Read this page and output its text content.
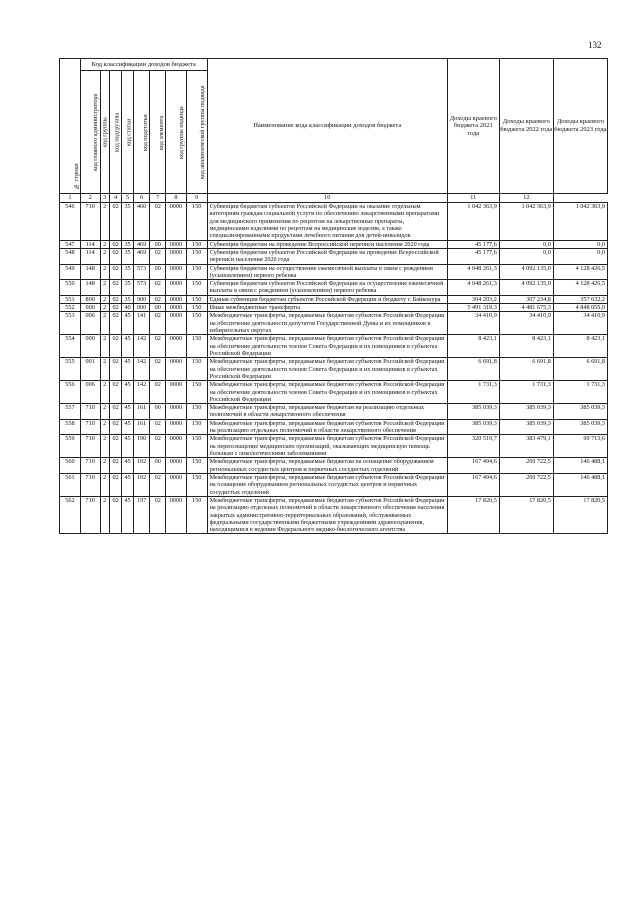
132
№ строки	Код классификации доходов бюджета								Наименование кода классификации доходов бюджета	Доходы краевого бюджета 2021 года	Доходы краевого бюджета 2022 года	Доходы краевого бюджета 2023 года
	код главного администратора	код группы	код подгруппы	код статьи	код подстатьи	код элемента	код группы подвида	код аналитической группы подвида				
1	2	3	4	5	6	7	8	9	10	11	12	
546	710	2	02	35	460	02	0000	150	Субвенции бюджетам субъектов Российской Федерации на оказание отдельным категориям граждан социальной услуги по обеспечению лекарственными препаратами для медицинского применения по рецептам на лекарственные препараты, медицинскими изделиями по рецептам на медицинские изделия, а также специализированными продуктами лечебного питания для детей-инвалидов	1 042 363,9	1 042 363,9	1 042 363,9
547	114	2	02	35	469	00	0000	150	Субвенции бюджетам на проведение Всероссийской переписи населения 2020 года	45 177,6	0,0	0,0
548	114	2	02	35	469	02	0000	150	Субвенции бюджетам субъектов Российской Федерации на проведение Всероссийской переписи населения 2020 года	45 177,6	0,0	0,0
549	148	2	02	35	573	00	0000	150	Субвенции бюджетам на осуществление ежемесячной выплаты в связи с рождением (усыновлением) первого ребенка	4 048 261,3	4 092 135,0	4 128 426,5
550	148	2	02	35	573	02	0000	150	Субвенции бюджетам субъектов Российской Федерации на осуществление ежемесячной выплаты в связи с рождением (усыновлением) первого ребенка	4 048 261,3	4 092 135,0	4 128 426,5
551	800	2	02	35	900	02	0000	150	Единая субвенция бюджетам субъектов Российской Федерации и бюджету г. Байконура	304 203,2	307 234,8	357 632,2
552	000	2	02	40	000	00	0000	150	Иные межбюджетные трансферты	5 491 319,3	4 481 675,3	4 848 055,0
553	006	2	02	45	141	02	0000	150	Межбюджетные трансферты, передаваемые бюджетам субъектов Российской Федерации на обеспечение деятельности депутатов Государственной Думы и их помощников в избирательных округах	34 410,9	34 410,9	34 410,9
554	000	2	02	45	142	02	0000	150	Межбюджетные трансферты, передаваемые бюджетам субъектов Российской Федерации на обеспечение деятельности членов Совета Федерации и их помощников в субъектах Российской Федерации	8 423,1	8 423,1	8 423,1
555	001	2	02	45	142	02	0000	150	Межбюджетные трансферты, передаваемые бюджетам субъектов Российской Федерации на обеспечение деятельности членов Совета Федерации и их помощников в субъектах Российской Федерации	6 691,8	6 691,8	6 691,8
556	006	2	02	45	142	02	0000	150	Межбюджетные трансферты, передаваемые бюджетам субъектов Российской Федерации на обеспечение деятельности членов Совета Федерации и их помощников в субъектах Российской Федерации	1 731,3	1 731,3	1 731,3
557	710	2	02	45	161	00	0000	150	Межбюджетные трансферты, передаваемые бюджетам на реализацию отдельных полномочий в области лекарственного обеспечения	385 039,3	385 039,3	385 039,3
558	710	2	02	45	161	02	0000	150	Межбюджетные трансферты, передаваемые бюджетам субъектов Российской Федерации на реализацию отдельных полномочий в области лекарственного обеспечения	385 039,3	385 039,3	385 039,3
559	710	2	02	45	190	02	0000	150	Межбюджетные трансферты, передаваемые бюджетам субъектов Российской Федерации на переоснащение медицинских организаций, оказывающих медицинскую помощь больным с онкологическими заболеваниями	320 519,7	383 479,1	99 713,6
560	710	2	02	45	192	00	0000	150	Межбюджетные трансферты, передаваемые бюджетам на оснащение оборудованием региональных сосудистых центров и первичных сосудистых отделений	167 494,6	269 722,5	146 488,1
561	710	2	02	45	192	02	0000	150	Межбюджетные трансферты, передаваемые бюджетам субъектов Российской Федерации на оснащение оборудованием региональных сосудистых центров и первичных сосудистых отделений	167 494,6	269 722,5	146 488,1
562	710	2	02	45	197	02	0000	150	Межбюджетные трансферты, передаваемые бюджетам субъектов Российской Федерации на реализацию отдельных полномочий в области лекарственного обеспечения населения закрытых административно-территориальных образований, обслуживаемых федеральными государственными бюджетными учреждениями здравоохранения, находящимися в ведении Федерального медико-биологического агентства	17 820,5	17 820,5	17 820,5
